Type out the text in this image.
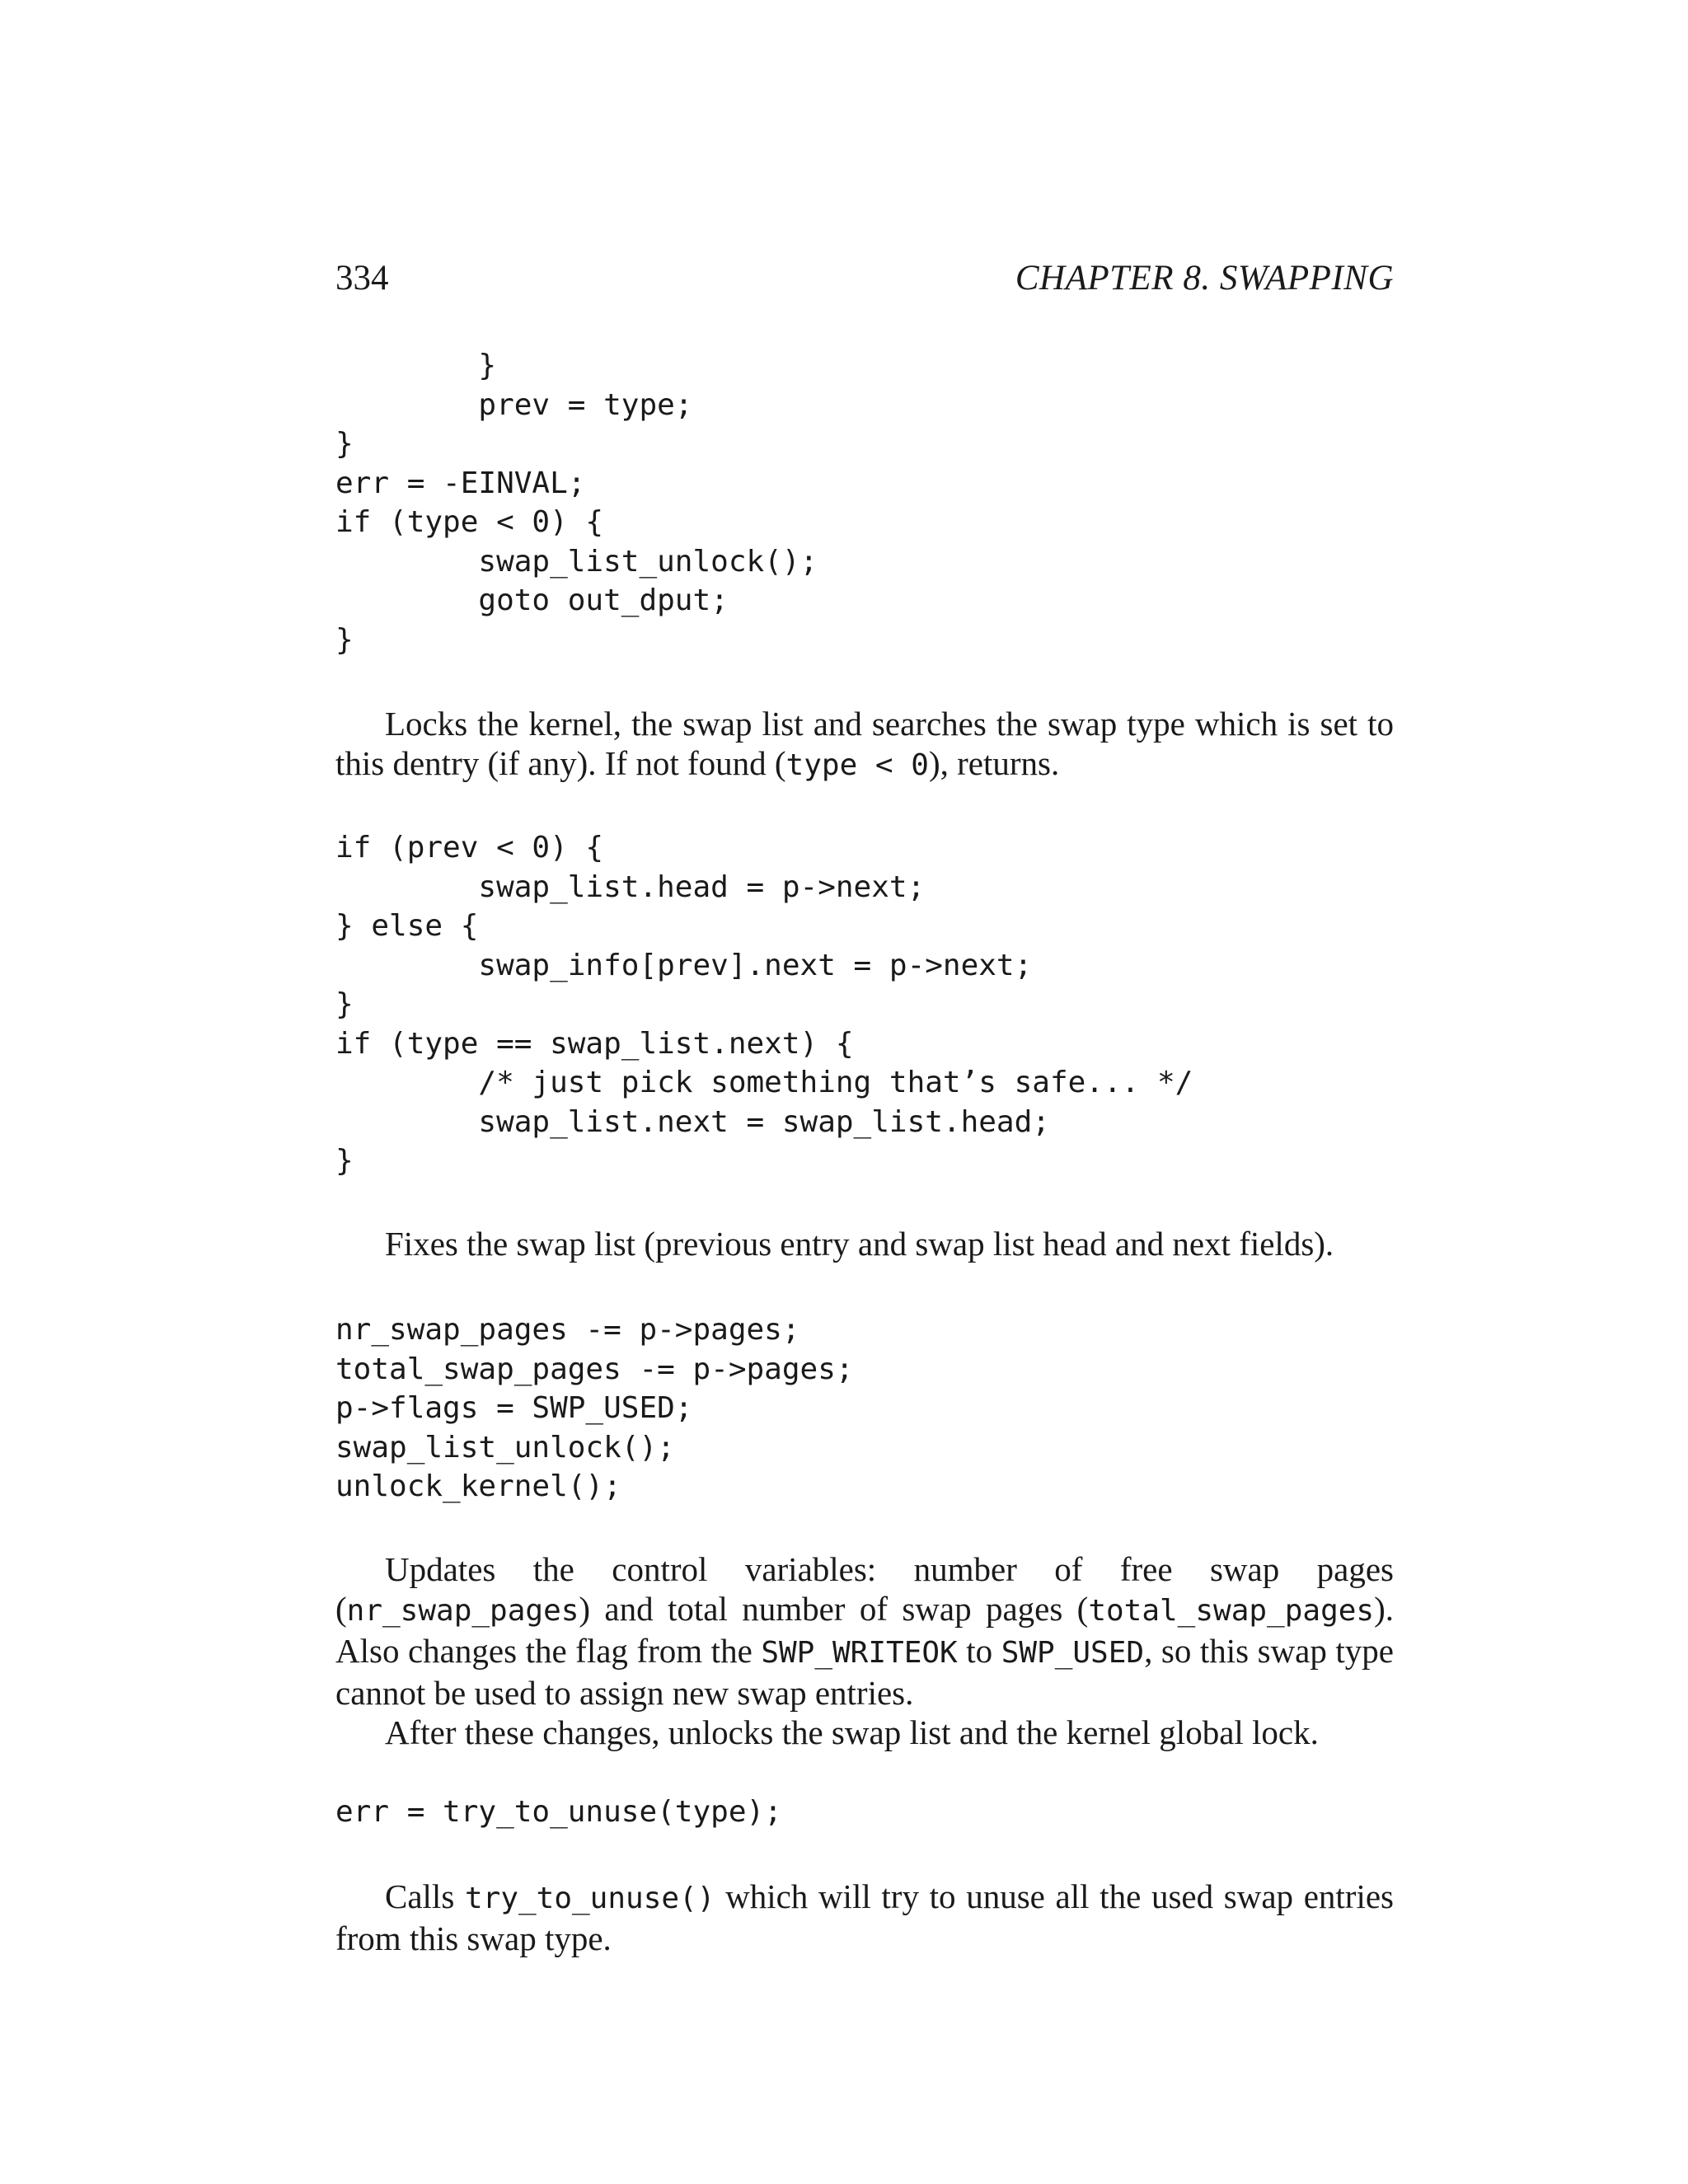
334	CHAPTER 8. SWAPPING
}
prev = type;
}
err = -EINVAL;
if (type < 0) {
swap_list_unlock();
goto out_dput;
}
Locks the kernel, the swap list and searches the swap type which is set to this dentry (if any). If not found (type < 0), returns.
if (prev < 0) {
swap_list.head = p->next;
} else {
swap_info[prev].next = p->next;
}
if (type == swap_list.next) {
/* just pick something that’s safe... */
swap_list.next = swap_list.head;
}
Fixes the swap list (previous entry and swap list head and next fields).
nr_swap_pages -= p->pages;
total_swap_pages -= p->pages;
p->flags = SWP_USED;
swap_list_unlock();
unlock_kernel();
Updates the control variables: number of free swap pages (nr_swap_pages) and total number of swap pages (total_swap_pages). Also changes the flag from the SWP_WRITEOK to SWP_USED, so this swap type cannot be used to assign new swap entries.
After these changes, unlocks the swap list and the kernel global lock.
err = try_to_unuse(type);
Calls try_to_unuse() which will try to unuse all the used swap entries from this swap type.
